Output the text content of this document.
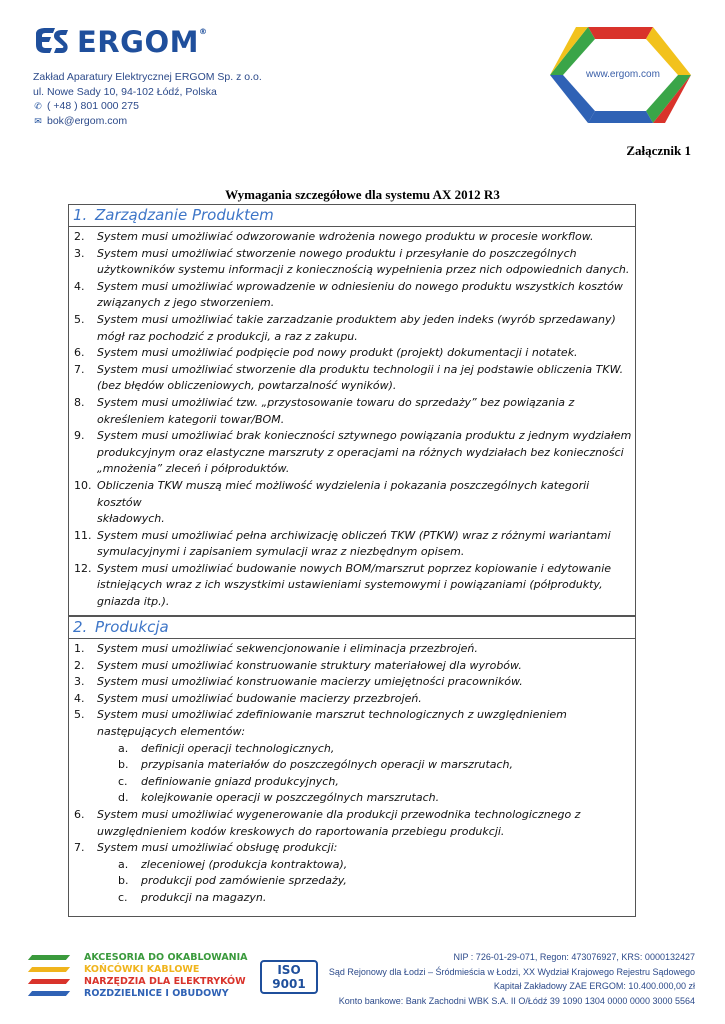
ERGOM®
Zakład Aparatury Elektrycznej ERGOM Sp. z o.o.
ul. Nowe Sady 10, 94-102 Łódź, Polska
✆ ( +48 ) 801 000 275
✉ bok@ergom.com
www.ergom.com
Załącznik 1
Wymagania szczegółowe dla systemu AX 2012 R3
1. Zarządzanie Produktem
2.	System musi umożliwiać odwzorowanie wdrożenia nowego produktu w procesie workflow.
3.	System musi umożliwiać stworzenie nowego produktu i przesyłanie do poszczególnych
użytkowników systemu informacji z koniecznością wypełnienia przez nich odpowiednich danych.
4.	System musi umożliwiać wprowadzenie w odniesieniu do nowego produktu wszystkich kosztów
związanych z jego stworzeniem.
5.	System musi umożliwiać takie zarzadzanie produktem aby jeden indeks (wyrób sprzedawany)
mógł raz pochodzić z produkcji, a raz z zakupu.
6.	System musi umożliwiać podpięcie pod nowy produkt (projekt) dokumentacji i notatek.
7.	System musi umożliwiać stworzenie dla produktu technologii i na jej podstawie obliczenia TKW.
(bez błędów obliczeniowych, powtarzalność wyników).
8.	System musi umożliwiać tzw. „przystosowanie towaru do sprzedaży” bez powiązania z
określeniem kategorii towar/BOM.
9.	System musi umożliwiać brak konieczności sztywnego powiązania produktu z jednym wydziałem
produkcyjnym oraz elastyczne marszruty z operacjami na różnych wydziałach bez konieczności
„mnożenia” zleceń i półproduktów.
10. Obliczenia TKW muszą mieć możliwość wydzielenia i pokazania poszczególnych kategorii kosztów
składowych.
11. System musi umożliwiać pełna archiwizację obliczeń TKW (PTKW) wraz z różnymi wariantami
symulacyjnymi i zapisaniem symulacji wraz z niezbędnym opisem.
12. System musi umożliwiać budowanie nowych BOM/marszrut poprzez kopiowanie i edytowanie
istniejących wraz z ich wszystkimi ustawieniami systemowymi i powiązaniami (półprodukty,
gniazda itp.).
2. Produkcja
1.	System musi umożliwiać sekwencjonowanie i eliminacja przezbrojeń.
2.	System musi umożliwiać konstruowanie struktury materiałowej dla wyrobów.
3.	System musi umożliwiać konstruowanie macierzy umiejętności pracowników.
4.	System musi umożliwiać budowanie macierzy przezbrojeń.
5.	System musi umożliwiać zdefiniowanie marszrut technologicznych z uwzględnieniem
następujących elementów:
a.	definicji operacji technologicznych,
b.	przypisania materiałów do poszczególnych operacji w marszrutach,
c.	definiowanie gniazd produkcyjnych,
d.	kolejkowanie operacji w poszczególnych marszrutach.
6.	System musi umożliwiać wygenerowanie dla produkcji przewodnika technologicznego z
uwzględnieniem kodów kreskowych do raportowania przebiegu produkcji.
7.	System musi umożliwiać obsługę produkcji:
a.	zleceniowej (produkcja kontraktowa),
b.	produkcji pod zamówienie sprzedaży,
c.	produkcji na magazyn.
AKCESORIA DO OKABLOWANIA
KOŃCÓWKI KABLOWE
NARZĘDZIA DLA ELEKTRYKÓW
ROZDZIELNICE I OBUDOWY
ISO
9001
NIP : 726-01-29-071, Regon: 473076927, KRS: 0000132427
Sąd Rejonowy dla Łodzi – Śródmieścia w Łodzi, XX Wydział Krajowego Rejestru Sądowego
Kapitał Zakładowy ZAE ERGOM: 10.400.000,00 zł
Konto bankowe: Bank Zachodni WBK S.A. II O/Łódź 39 1090 1304 0000 0000 3000 5564
